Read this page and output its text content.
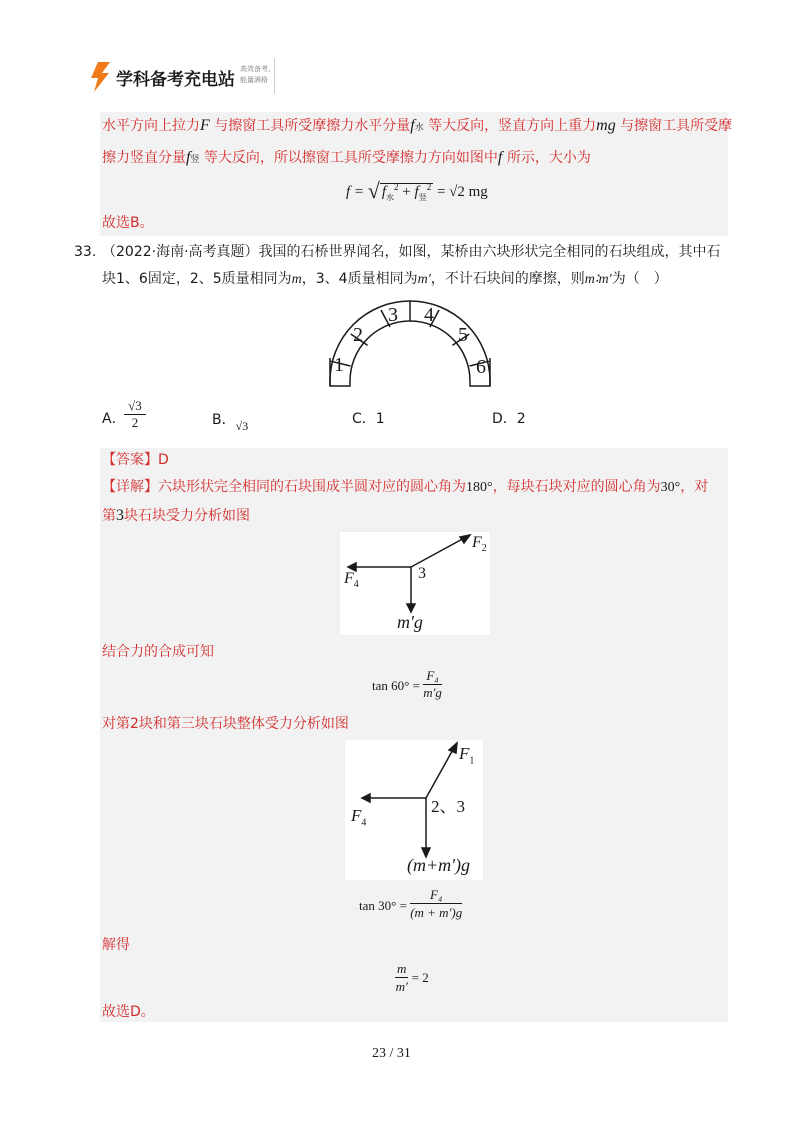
学科备考充电站
高效备考,
能量满格
水平方向上拉力F 与擦窗工具所受摩擦力水平分量f水 等大反向，竖直方向上重力mg 与擦窗工具所受摩
擦力竖直分量f竖 等大反向，所以擦窗工具所受摩擦力方向如图中f 所示，大小为
f = √ $f_水^2 + f_竖^2 = √2$ mg
故选B。
33. （2022·海南·高考真题）我国的石桥世界闻名，如图，某桥由六块形状完全相同的石块组成，其中石
块1、6固定，2、5质量相同为m，3、4质量相同为m′，不计石块间的摩擦，则m∶m′为（　）
1
2
3 4
5
6
A．
√3
2	B．√3	C．1	D．2
【答案】D
【详解】六块形状完全相同的石块围成半圆对应的圆心角为180°，每块石块对应的圆心角为30°，对
第3块石块受力分析如图
$F_2$
$F_4$
3
m'g
结合力的合成可知
$\tan 60^\circ = \frac{\text{F₄}}{m'g}$
对第2块和第三块石块整体受力分析如图
$F_1$
$F_4$
2、3
(m+m')g
$\tan 30^\circ = \frac{\text{F₄}}{(m + m')g}$
解得
$\frac{m}{m'} = 2$
故选D。
23 / 31
